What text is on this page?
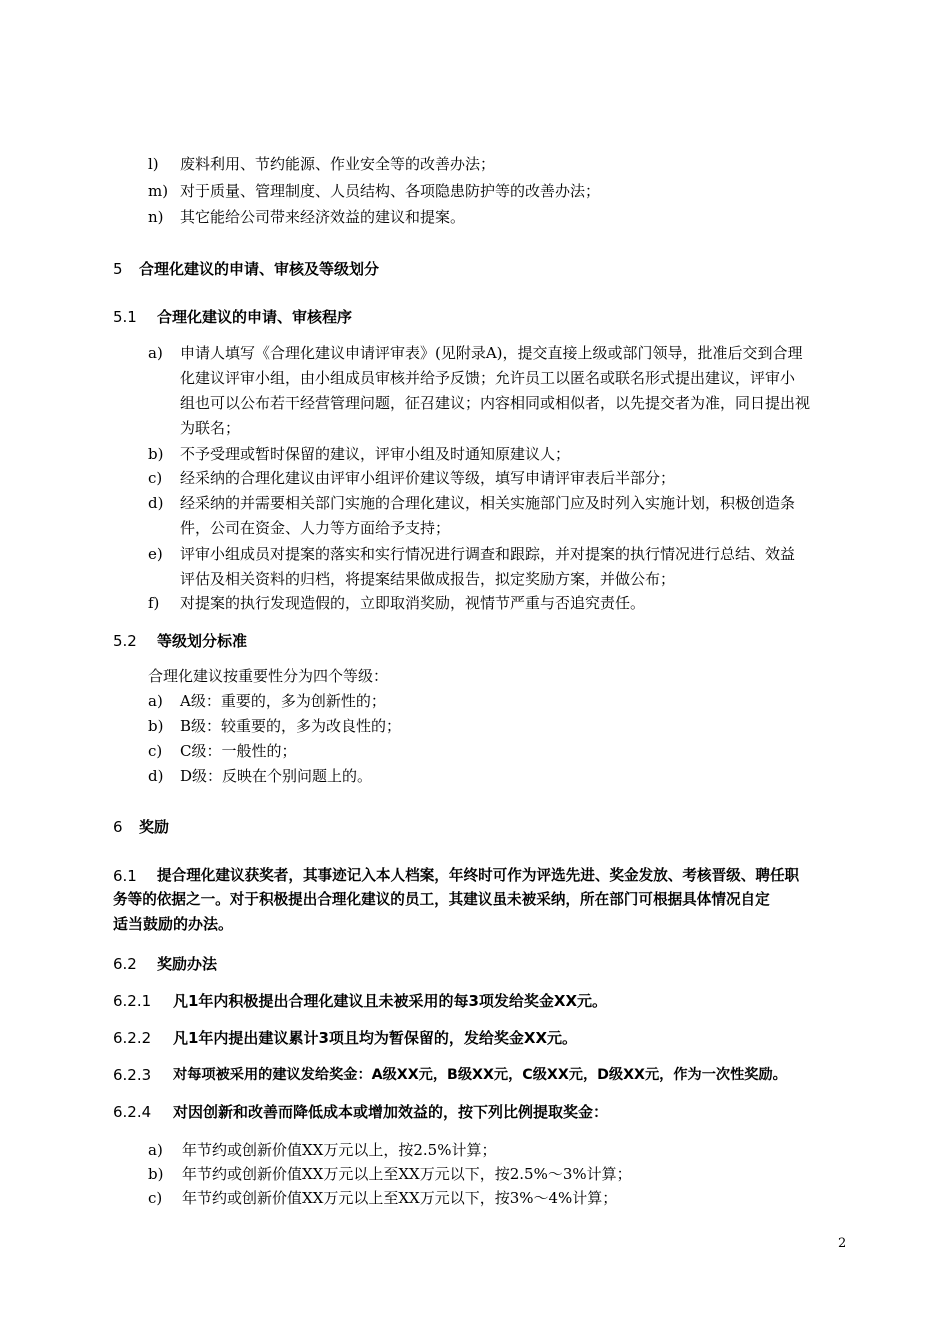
l) 废料利用、节约能源、作业安全等的改善办法；
m) 对于质量、管理制度、人员结构、各项隐患防护等的改善办法；
n) 其它能给公司带来经济效益的建议和提案。
5 合理化建议的申请、审核及等级划分
5.1 合理化建议的申请、审核程序
a) 申请人填写《合理化建议申请评审表》(见附录A)，提交直接上级或部门领导，批准后交到合理
化建议评审小组，由小组成员审核并给予反馈；允许员工以匿名或联名形式提出建议，评审小
组也可以公布若干经营管理问题，征召建议；内容相同或相似者，以先提交者为准，同日提出视
为联名；
b) 不予受理或暂时保留的建议，评审小组及时通知原建议人；
c) 经采纳的合理化建议由评审小组评价建议等级，填写申请评审表后半部分；
d) 经采纳的并需要相关部门实施的合理化建议，相关实施部门应及时列入实施计划，积极创造条
件，公司在资金、人力等方面给予支持；
e) 评审小组成员对提案的落实和实行情况进行调查和跟踪，并对提案的执行情况进行总结、效益
评估及相关资料的归档，将提案结果做成报告，拟定奖励方案，并做公布；
f) 对提案的执行发现造假的，立即取消奖励，视情节严重与否追究责任。
5.2 等级划分标准
合理化建议按重要性分为四个等级：
a) A级：重要的，多为创新性的；
b) B级：较重要的，多为改良性的；
c) C级：一般性的；
d) D级：反映在个别问题上的。
6 奖励
6.1 提合理化建议获奖者，其事迹记入本人档案，年终时可作为评选先进、奖金发放、考核晋级、聘任职
务等的依据之一。对于积极提出合理化建议的员工，其建议虽未被采纳，所在部门可根据具体情况自定
适当鼓励的办法。
6.2 奖励办法
6.2.1 凡1年内积极提出合理化建议且未被采用的每3项发给奖金XX元。
6.2.2 凡1年内提出建议累计3项且均为暂保留的，发给奖金XX元。
6.2.3 对每项被采用的建议发给奖金：A级XX元，B级XX元，C级XX元，D级XX元，作为一次性奖励。
6.2.4 对因创新和改善而降低成本或增加效益的，按下列比例提取奖金：
a) 年节约或创新价值XX万元以上，按2.5%计算；
b) 年节约或创新价值XX万元以上至XX万元以下，按2.5%～3%计算；
c) 年节约或创新价值XX万元以上至XX万元以下，按3%～4%计算；
2
